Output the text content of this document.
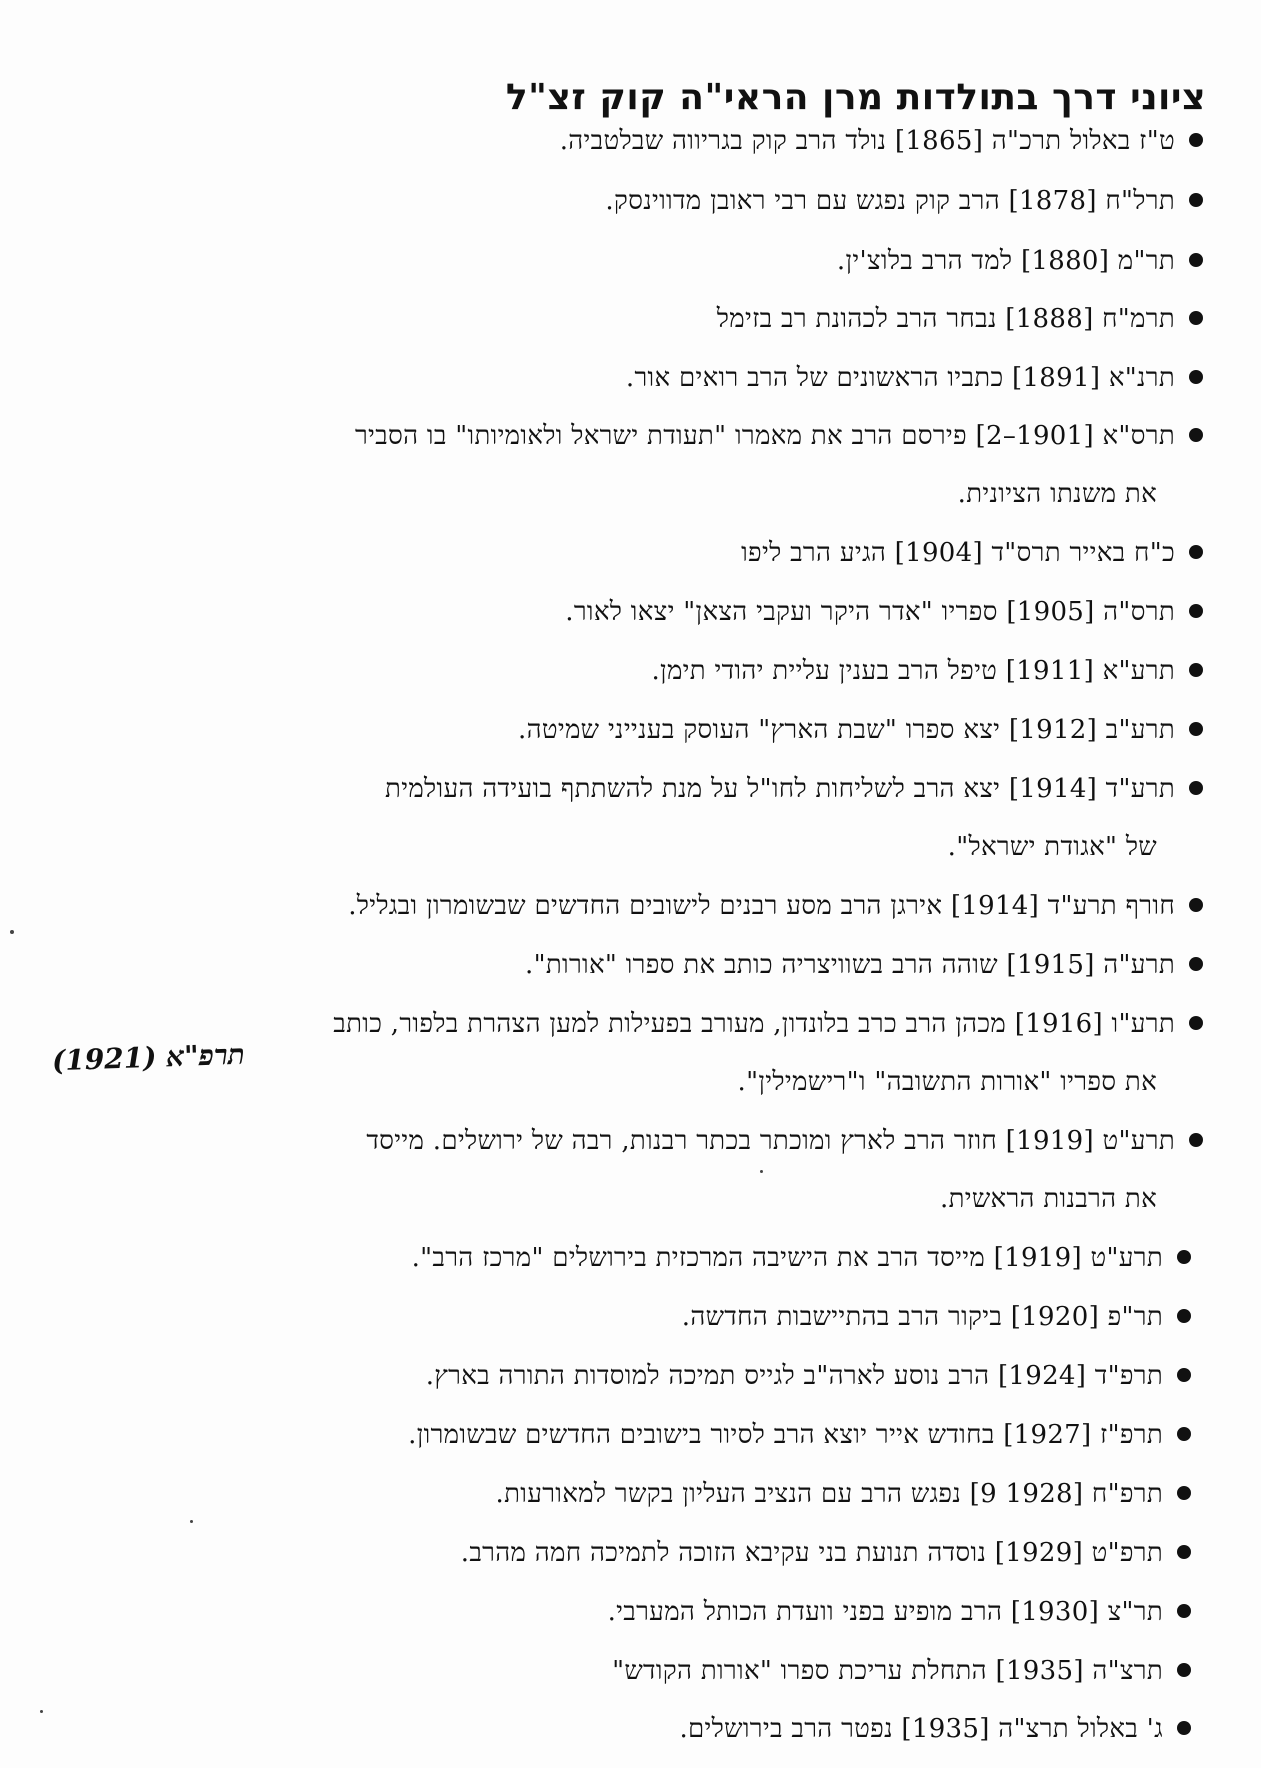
ציוני דרך בתולדות מרן הראי"ה קוק זצ"ל
תרפ"א (1921)
ט"ז באלול תרכ"ה [1865] נולד הרב קוק בגריווה שבלטביה.
תרל"ח [1878] הרב קוק נפגש עם רבי ראובן מדווינסק.
תר"מ [1880] למד הרב בלוצ'ין.
תרמ"ח [1888] נבחר הרב לכהונת רב בזימל
תרנ"א [1891] כתביו הראשונים של הרב רואים אור.
תרס"א [1901–2] פירסם הרב את מאמרו "תעודת ישראל ולאומיותו" בו הסביר
את משנתו הציונית.
כ"ח באייר תרס"ד [1904] הגיע הרב ליפו
תרס"ה [1905] ספריו "אדר היקר ועקבי הצאן" יצאו לאור.
תרע"א [1911] טיפל הרב בענין עליית יהודי תימן.
תרע"ב [1912] יצא ספרו "שבת הארץ" העוסק בענייני שמיטה.
תרע"ד [1914] יצא הרב לשליחות לחו"ל על מנת להשתתף בועידה העולמית
של "אגודת ישראל".
חורף תרע"ד [1914] אירגן הרב מסע רבנים לישובים החדשים שבשומרון ובגליל.
תרע"ה [1915] שוהה הרב בשוויצריה כותב את ספרו "אורות".
תרע"ו [1916] מכהן הרב כרב בלונדון, מעורב בפעילות למען הצהרת בלפור, כותב
את ספריו "אורות התשובה" ו"רישמילין".
תרע"ט [1919] חוזר הרב לארץ ומוכתר בכתר רבנות, רבה של ירושלים. מייסד
את הרבנות הראשית.
תרע"ט [1919] מייסד הרב את הישיבה המרכזית בירושלים "מרכז הרב".
תר"פ [1920] ביקור הרב בהתיישבות החדשה.
תרפ"ד [1924] הרב נוסע לארה"ב לגייס תמיכה למוסדות התורה בארץ.
תרפ"ז [1927] בחודש אייר יוצא הרב לסיור בישובים החדשים שבשומרון.
תרפ"ח [1928 9] נפגש הרב עם הנציב העליון בקשר למאורעות.
תרפ"ט [1929] נוסדה תנועת בני עקיבא הזוכה לתמיכה חמה מהרב.
תר"צ [1930] הרב מופיע בפני וועדת הכותל המערבי.
תרצ"ה [1935] התחלת עריכת ספרו "אורות הקודש"
ג' באלול תרצ"ה [1935] נפטר הרב בירושלים.
